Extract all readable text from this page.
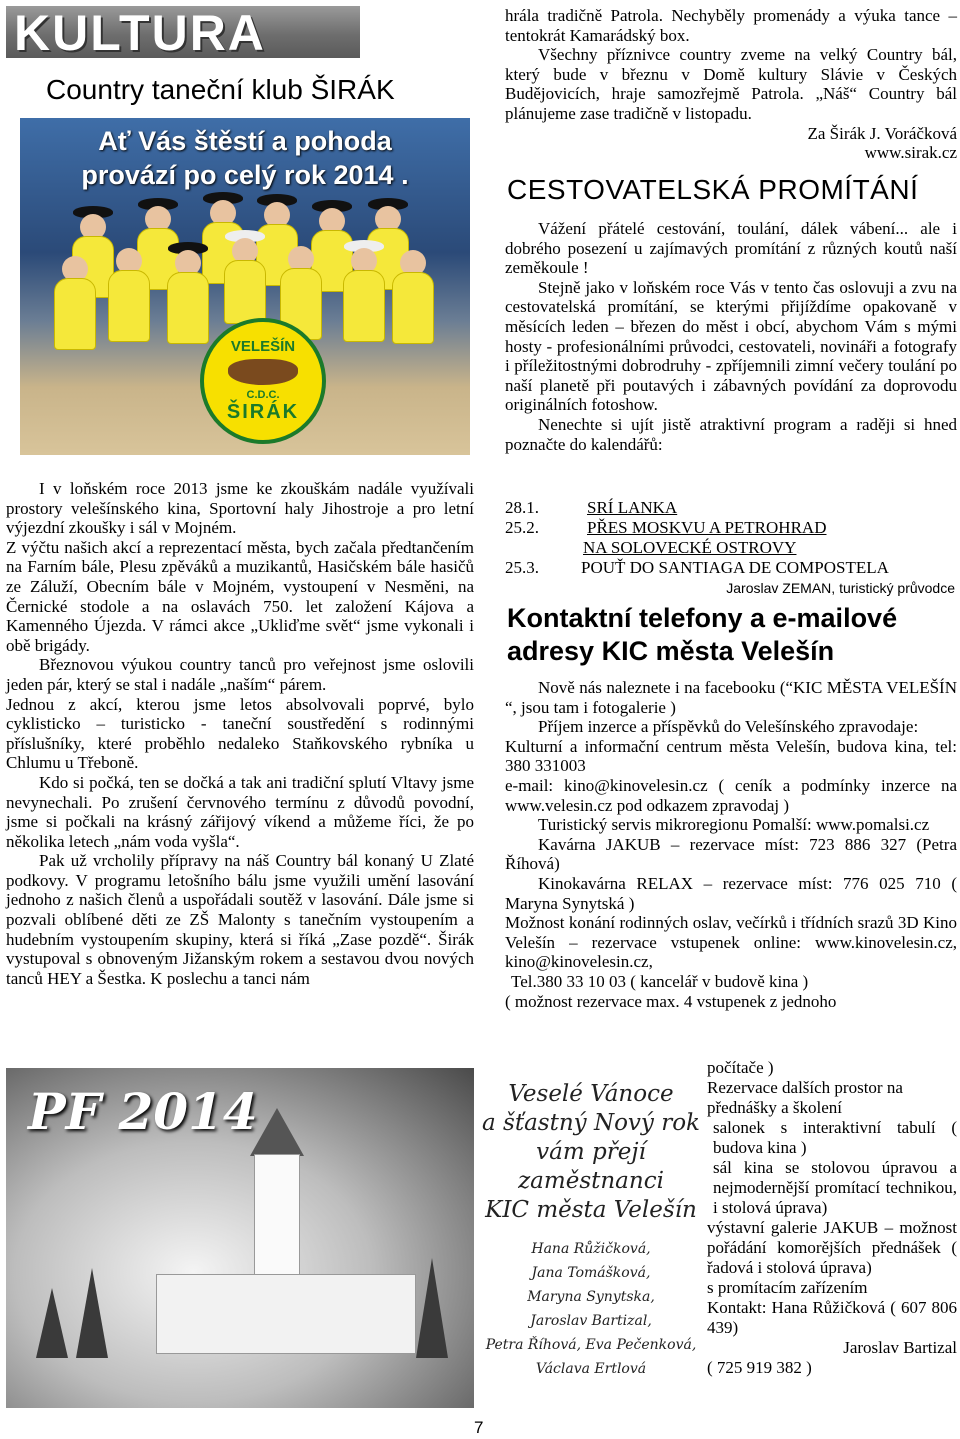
KULTURA
Country taneční klub ŠIRÁK
Ať Vás štěstí a pohoda
provází po celý rok 2014 .
VELEŠÍN
C.D.C.
ŠIRÁK

I v loňském roce 2013 jsme ke zkouškám nadále využívali prostory velešínského kina, Sportovní haly Jihostroje a pro letní výjezdní zkoušky i sál v Mojném.

Z výčtu našich akcí a reprezentací města, bych začala předtančením na Farním bále, Plesu zpěváků a muzikantů, Hasičském bále hasičů ze Záluží, Obecním bále v Mojném, vystoupení v Nesměni, na Černické stodole a na oslavách 750. let založení Kájova a Kamenného Újezda. V rámci akce „Ukliďme svět“ jsme vykonali i obě brigády.

Březnovou výukou country tanců pro veřejnost jsme oslovili jeden pár, který se stal i nadále „naším“ párem.

Jednou z akcí, kterou jsme letos absolvovali poprvé, bylo cyklisticko – turisticko - taneční soustředění s rodinnými příslušníky, které proběhlo nedaleko Staňkovského rybníka u Chlumu u Třeboně.

Kdo si počká, ten se dočká a tak ani tradiční splutí Vltavy jsme nevynechali. Po zrušení červnového termínu z důvodů povodní, jsme si počkali na krásný zářijový víkend a můžeme říci, že po několika letech „nám voda vyšla“.

Pak už vrcholily přípravy na náš Country bál konaný U Zlaté podkovy. V programu letošního bálu jsme využili umění lasování jednoho z našich členů a uspořádali soutěž v lasování. Dále jsme si pozvali oblíbené děti ze ZŠ Malonty s tanečním vystoupením a hudebním vystoupením skupiny, která si říká „Zase pozdě“. Širák vystupoval s obnoveným Jižanským rokem a sestavou dvou nových tanců HEY a Šestka. K poslechu a tanci nám

hrála tradičně Patrola. Nechyběly promenády a výuka tance – tentokrát Kamarádský box.

Všechny příznivce country zveme na velký Country bál, který bude v březnu v Domě kultury Slávie v Českých Budějovicích, hraje samozřejmě Patrola. „Náš“ Country bál plánujeme zase tradičně v listopadu.

Za Širák J. Voráčková

www.sirak.cz

CESTOVATELSKÁ PROMÍTÁNÍ

Vážení přátelé cestování, toulání, dálek vábení... ale i dobrého posezení u zajímavých promítání z různých koutů naší zeměkoule !

Stejně jako v loňském roce Vás v tento čas oslovuji a zvu na cestovatelská promítání, se kterými přijíždíme opakovaně v měsících leden – březen do měst i obcí, abychom Vám s mými hosty - profesionálními průvodci, cestovateli, novináři a fotografy i příležitostnými dobrodruhy - zpříjemnili zimní večery toulání po naší planetě při poutavých i zábavných povídání za doprovodu originálních fotoshow.

Nenechte si ujít jistě atraktivní program a raději si hned poznačte do kalendářů:

28.1.	SRÍ LANKA
25.2.	PŘES MOSKVU A PETROHRAD
NA SOLOVECKÉ OSTROVY
25.3.	POUŤ DO SANTIAGA DE COMPOSTELA
Jaroslav ZEMAN, turistický průvodce
Kontaktní telefony a e-mailové adresy KIC města Velešín

Nově nás naleznete i na facebooku (“KIC MĚSTA VELEŠÍN “, jsou tam i fotogalerie )

Příjem inzerce a příspěvků do Velešínského zpravodaje:

Kulturní a informační centrum města Velešín, budova kina, tel: 380 331003

e-mail: kino@kinovelesin.cz ( ceník a podmínky inzerce na www.velesin.cz pod odkazem zpravodaj )

Turistický servis mikroregionu Pomalší: www.pomalsi.cz

Kavárna JAKUB – rezervace míst: 723 886 327 (Petra Říhová)

Kinokavárna RELAX – rezervace míst: 776 025 710 ( Maryna Synytská )

Možnost konání rodinných oslav, večírků i třídních srazů 3D Kino Velešín – rezervace vstupenek online: www.kinovelesin.cz, kino@kinovelesin.cz,

Tel.380 33 10 03 ( kancelář v budově kina )

( možnost rezervace max. 4 vstupenek z jednoho

počítače )

Rezervace dalších prostor na přednášky a školení

salonek s interaktivní tabulí ( budova kina )

sál kina se stolovou úpravou a nejmodernější promítací technikou, i stolová úprava)

výstavní galerie JAKUB – možnost pořádání komorějších přednášek ( řadová i stolová úprava)

s promítacím zařízením

Kontakt: Hana Růžičková ( 607 806 439)

Jaroslav Bartizal

( 725 919 382 )

PF 2014	Veselé Vánoce
a šťastný Nový rok
vám přejí
zaměstnanci
KIC města Velešín
Hana Růžičková,
Jana Tomášková,
Maryna Synytska,
Jaroslav Bartizal,
Petra Říhová, Eva Pečenková,
Václava Ertlová
7
